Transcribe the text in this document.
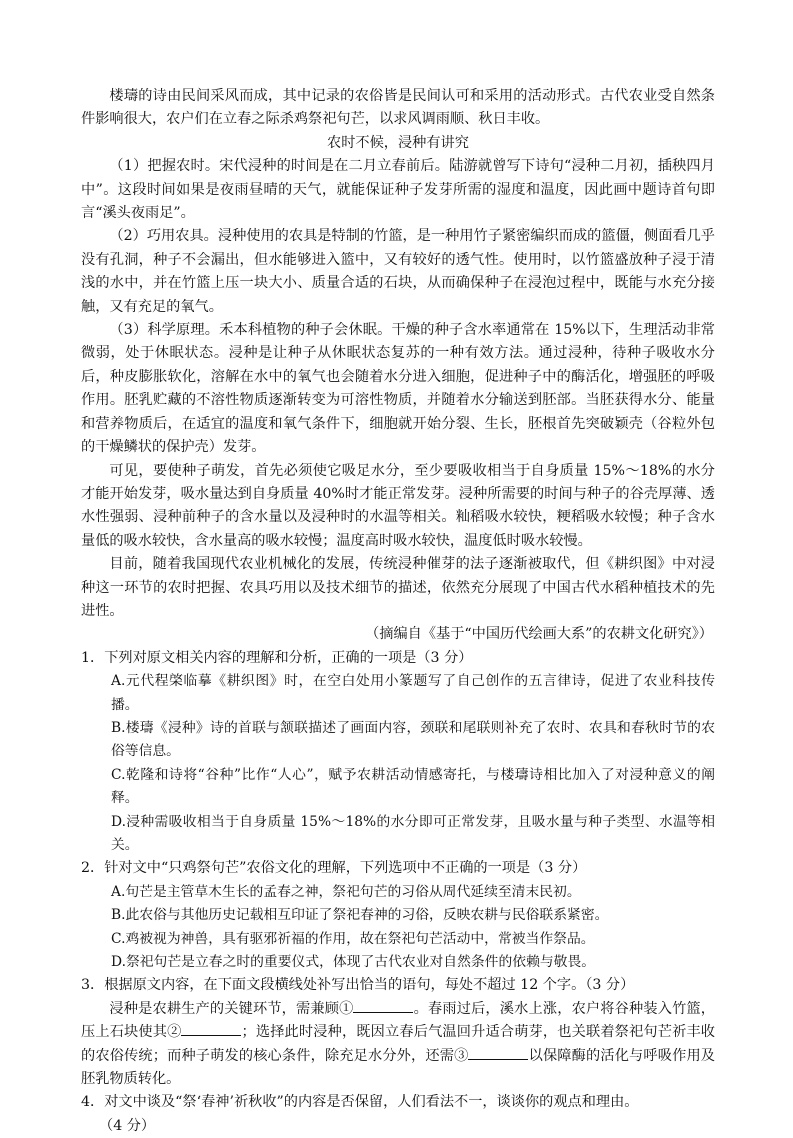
楼璹的诗由民间采风而成，其中记录的农俗皆是民间认可和采用的活动形式。古代农业受自然条件影响很大，农户们在立春之际杀鸡祭祀句芒，以求风调雨顺、秋日丰收。

农时不候，浸种有讲究

（1）把握农时。宋代浸种的时间是在二月立春前后。陆游就曾写下诗句“浸种二月初，插秧四月中”。这段时间如果是夜雨昼晴的天气，就能保证种子发芽所需的湿度和温度，因此画中题诗首句即言“溪头夜雨足”。

（2）巧用农具。浸种使用的农具是特制的竹篮，是一种用竹子紧密编织而成的篮僵，侧面看几乎没有孔洞，种子不会漏出，但水能够进入篮中，又有较好的透气性。使用时，以竹篮盛放种子浸于清浅的水中，并在竹篮上压一块大小、质量合适的石块，从而确保种子在浸泡过程中，既能与水充分接触，又有充足的氧气。

（3）科学原理。禾本科植物的种子会休眠。干燥的种子含水率通常在 15%以下，生理活动非常微弱，处于休眠状态。浸种是让种子从休眠状态复苏的一种有效方法。通过浸种，待种子吸收水分后，种皮膨胀软化，溶解在水中的氧气也会随着水分进入细胞，促进种子中的酶活化，增强胚的呼吸作用。胚乳贮藏的不溶性物质逐渐转变为可溶性物质，并随着水分输送到胚部。当胚获得水分、能量和营养物质后，在适宜的温度和氧气条件下，细胞就开始分裂、生长，胚根首先突破颖壳（谷粒外包的干燥鳞状的保护壳）发芽。

可见，要使种子萌发，首先必须使它吸足水分，至少要吸收相当于自身质量 15%～18%的水分才能开始发芽，吸水量达到自身质量 40%时才能正常发芽。浸种所需要的时间与种子的谷壳厚薄、透水性强弱、浸种前种子的含水量以及浸种时的水温等相关。籼稻吸水较快，粳稻吸水较慢；种子含水量低的吸水较快，含水量高的吸水较慢；温度高时吸水较快，温度低时吸水较慢。

目前，随着我国现代农业机械化的发展，传统浸种催芽的法子逐渐被取代，但《耕织图》中对浸种这一环节的农时把握、农具巧用以及技术细节的描述，依然充分展现了中国古代水稻种植技术的先进性。

（摘编自《基于“中国历代绘画大系”的农耕文化研究》）

1．下列对原文相关内容的理解和分析，正确的一项是（3 分）

A.元代程棨临摹《耕织图》时，在空白处用小篆题写了自己创作的五言律诗，促进了农业科技传播。

B.楼璹《浸种》诗的首联与颔联描述了画面内容，颈联和尾联则补充了农时、农具和春秋时节的农俗等信息。

C.乾隆和诗将“谷种”比作“人心”，赋予农耕活动情感寄托，与楼璹诗相比加入了对浸种意义的阐释。

D.浸种需吸收相当于自身质量 15%～18%的水分即可正常发芽，且吸水量与种子类型、水温等相关。

2．针对文中“只鸡祭句芒”农俗文化的理解，下列选项中不正确的一项是（3 分）

A.句芒是主管草木生长的孟春之神，祭祀句芒的习俗从周代延续至清末民初。

B.此农俗与其他历史记载相互印证了祭祀春神的习俗，反映农耕与民俗联系紧密。

C.鸡被视为神兽，具有驱邪祈福的作用，故在祭祀句芒活动中，常被当作祭品。

D.祭祀句芒是立春之时的重要仪式，体现了古代农业对自然条件的依赖与敬畏。

3．根据原文内容，在下面文段横线处补写出恰当的语句，每处不超过 12 个字。（3 分）

浸种是农耕生产的关键环节，需兼顾①	。春雨过后，溪水上涨，农户将谷种装入竹篮，压上石块使其②	；选择此时浸种，既因立春后气温回升适合萌芽，也关联着祭祀句芒祈丰收的农俗传统；而种子萌发的核心条件，除充足水分外，还需③	以保障酶的活化与呼吸作用及胚乳物质转化。

4．对文中谈及“祭‘春神’祈秋收”的内容是否保留，人们看法不一，谈谈你的观点和理由。

（4 分）
